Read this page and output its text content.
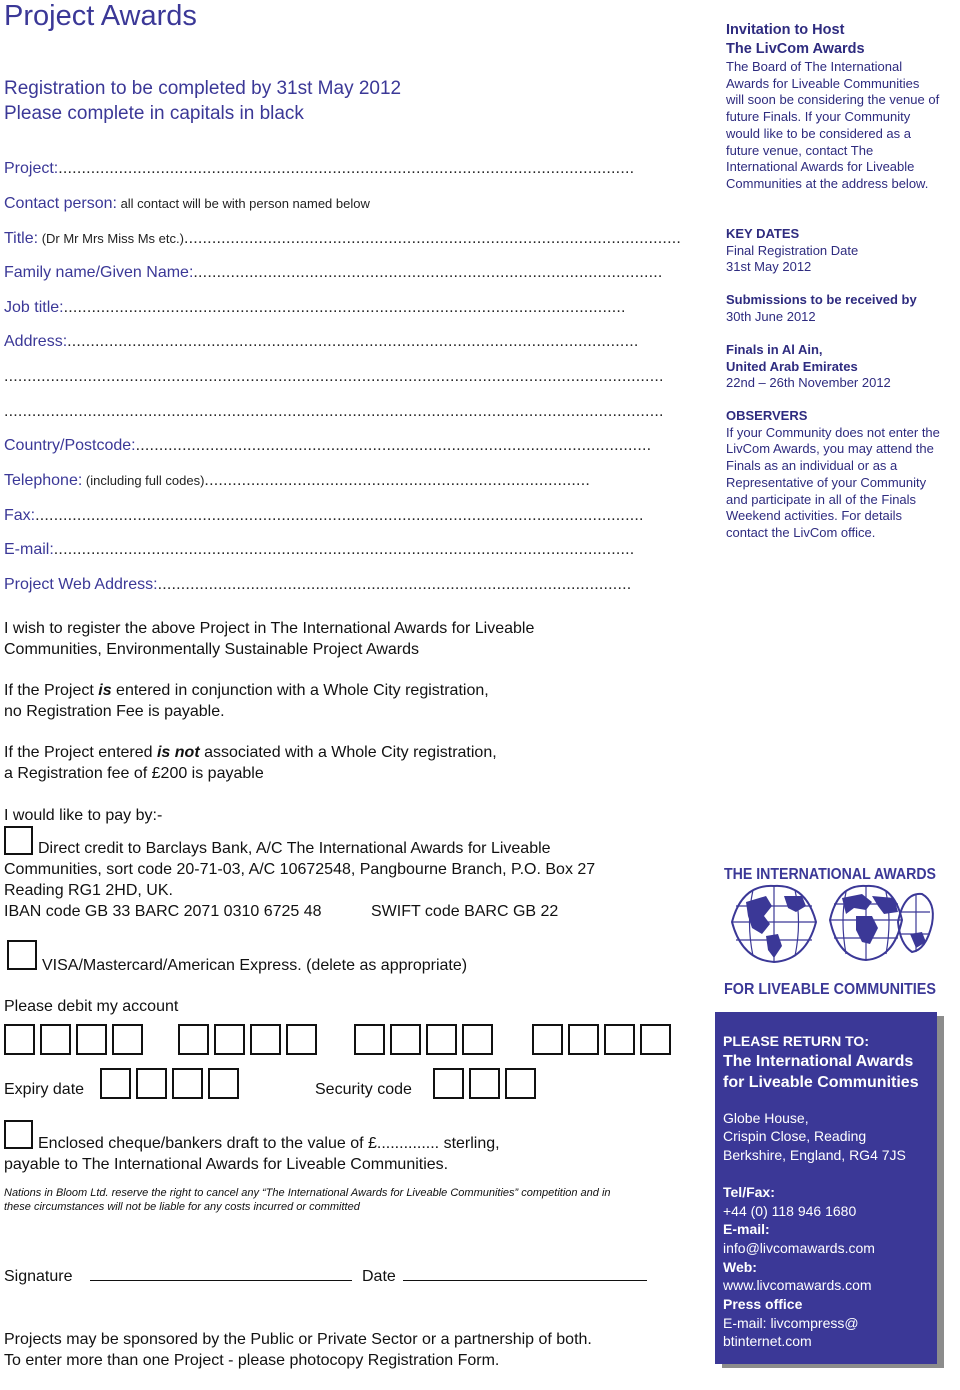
Project Awards
Registration to be completed by 31st May 2012
Please complete in capitals in black
Project:............................................................................................................................
Contact person: all contact will be with person named below
Title: (Dr Mr Mrs Miss Ms etc.)...........................................................................................................
Family name/Given Name:.....................................................................................................
Job title:.........................................................................................................................
Address:...........................................................................................................................
..............................................................................................................................................
..............................................................................................................................................
Country/Postcode:...............................................................................................................
Telephone: (including full codes)...................................................................................
Fax:...................................................................................................................................
E-mail:.............................................................................................................................
Project Web Address:......................................................................................................
I wish to register the above Project in The International Awards for Liveable
Communities, Environmentally Sustainable Project Awards
If the Project is entered in conjunction with a Whole City registration,
no Registration Fee is payable.
If the Project entered is not associated with a Whole City registration,
a Registration fee of £200 is payable
I would like to pay by:-
Direct credit to Barclays Bank, A/C The International Awards for Liveable
Communities, sort code 20-71-03, A/C 10672548, Pangbourne Branch, P.O. Box 27
Reading RG1 2HD, UK.
IBAN code GB 33 BARC 2071 0310 6725 48	SWIFT code BARC GB 22
VISA/Mastercard/American Express. (delete as appropriate)
Please debit my account
Expiry date	Security code
Enclosed cheque/bankers draft to the value of £.............. sterling,
payable to The International Awards for Liveable Communities.
Nations in Bloom Ltd. reserve the right to cancel any “The International Awards for Liveable Communities” competition and in
these circumstances will not be liable for any costs incurred or committed
Signature	Date
Projects may be sponsored by the Public or Private Sector or a partnership of both.
To enter more than one Project - please photocopy Registration Form.
Invitation to Host
The LivCom Awards
The Board of The International Awards for Liveable Communities will soon be considering the venue of future Finals. If your Community would like to be considered as a future venue, contact The International Awards for Liveable Communities at the address below.
KEY DATES
Final Registration Date
31st May 2012
Submissions to be received by
30th June 2012
Finals in Al Ain,
United Arab Emirates
22nd – 26th November 2012
OBSERVERS
If your Community does not enter the LivCom Awards, you may attend the Finals as an individual or as a Representative of your Community and participate in all of the Finals Weekend activities. For details contact the LivCom office.
THE INTERNATIONAL AWARDS
FOR LIVEABLE COMMUNITIES
PLEASE RETURN TO:
The International Awards
for Liveable Communities
Globe House,
Crispin Close, Reading
Berkshire, England, RG4 7JS
Tel/Fax:
+44 (0) 118 946 1680
E-mail:
info@livcomawards.com
Web:
www.livcomawards.com
Press office
E-mail: livcompress@
btinternet.com
